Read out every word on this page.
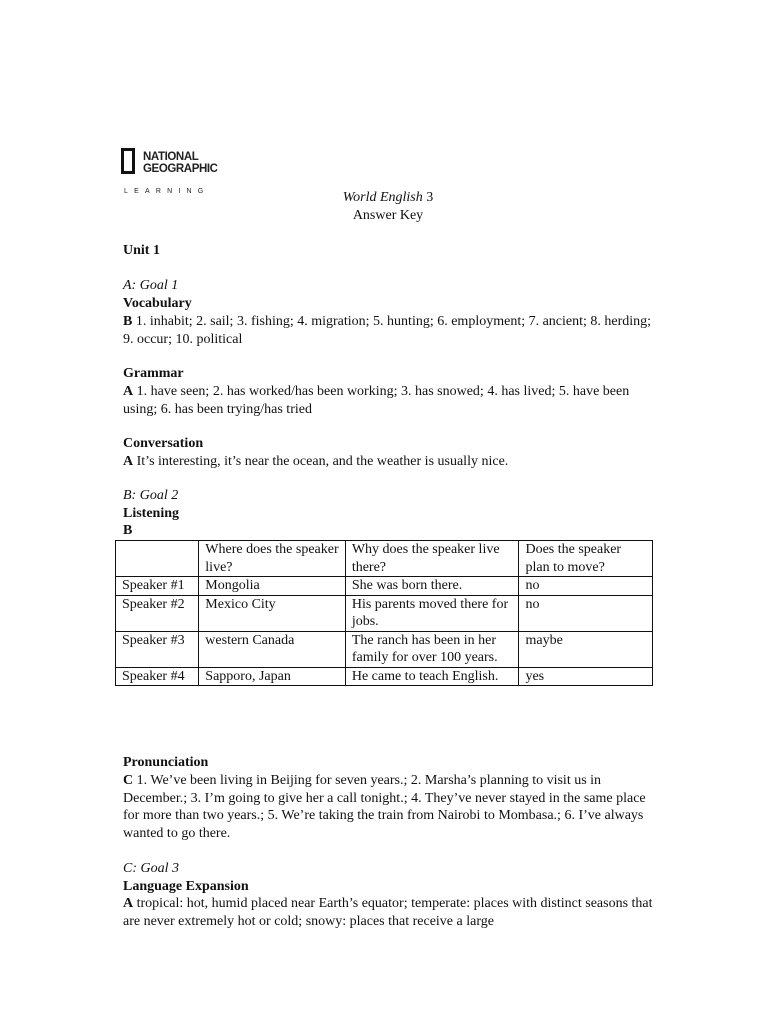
NATIONAL
GEOGRAPHIC
LEARNING	World English 3
Answer Key
Unit 1
A: Goal 1
Vocabulary

B 1. inhabit; 2. sail; 3. fishing; 4. migration; 5. hunting; 6. employment; 7. ancient; 8. herding; 9. occur; 10. political

Grammar

A 1. have seen; 2. has worked/has been working; 3. has snowed; 4. has lived; 5. have been using; 6. has been trying/has tried

Conversation

A It’s interesting, it’s near the ocean, and the weather is usually nice.

B: Goal 2
Listening
B
Pronunciation

C 1. We’ve been living in Beijing for seven years.; 2. Marsha’s planning to visit us in December.; 3. I’m going to give her a call tonight.; 4. They’ve never stayed in the same place for more than two years.; 5. We’re taking the train from Nairobi to Mombasa.; 6. I’ve always wanted to go there.

C: Goal 3
Language Expansion

A tropical: hot, humid placed near Earth’s equator; temperate: places with distinct seasons that are never extremely hot or cold; snowy: places that receive a large

	Where does the speaker live?	Why does the speaker live there?	Does the speaker plan to move?
Speaker #1	Mongolia	She was born there.	no
Speaker #2	Mexico City	His parents moved there for jobs.	no
Speaker #3	western Canada	The ranch has been in her family for over 100 years.	maybe
Speaker #4	Sapporo, Japan	He came to teach English.	yes
